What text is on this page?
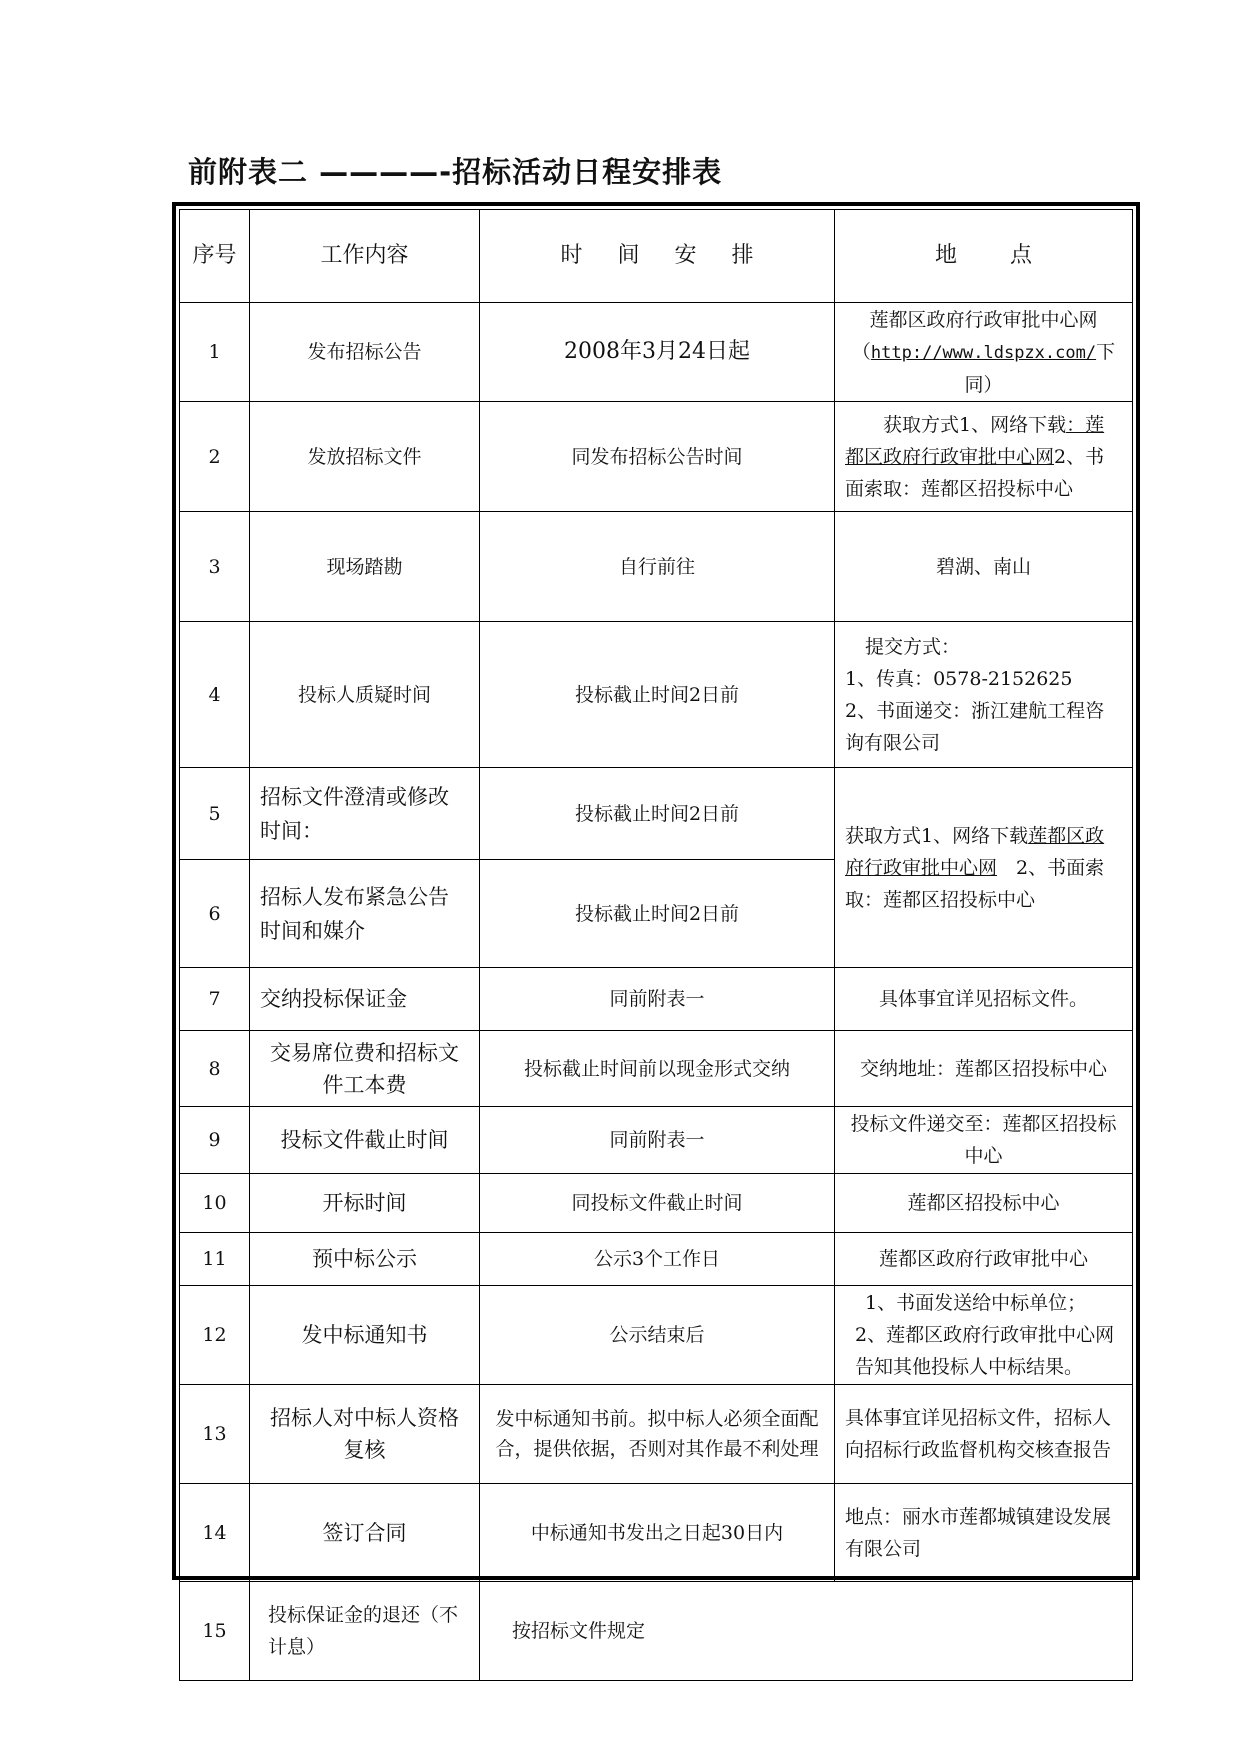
前附表二 ————-招标活动日程安排表
序号	工作内容	时 间 安 排	地 点
1	发布招标公告	2008年3月24日起	莲都区政府行政审批中心网
（http://www.ldspzx.com/下同）
2	发放招标文件	同发布招标公告时间	获取方式1、网络下载：莲都区政府行政审批中心网2、书面索取：莲都区招投标中心
3	现场踏勘	自行前往	碧湖、南山
4	投标人质疑时间	投标截止时间2日前	提交方式：
1、传真：0578-2152625
2、书面递交：浙江建航工程咨询有限公司

5	招标文件澄清或修改时间：	投标截止时间2日前	获取方式1、网络下载莲都区政府行政审批中心网　2、书面索取：莲都区招投标中心
6	招标人发布紧急公告时间和媒介	投标截止时间2日前	
7	交纳投标保证金	同前附表一	具体事宜详见招标文件。
8	交易席位费和招标文件工本费	投标截止时间前以现金形式交纳	交纳地址：莲都区招投标中心
9	投标文件截止时间	同前附表一	投标文件递交至：莲都区招投标中心
10	开标时间	同投标文件截止时间	莲都区招投标中心
11	预中标公示	公示3个工作日	莲都区政府行政审批中心
12	发中标通知书	公示结束后	1、书面发送给中标单位；
2、莲都区政府行政审批中心网告知其他投标人中标结果。

13	招标人对中标人资格复核	发中标通知书前。拟中标人必须全面配合，提供依据，否则对其作最不利处理	具体事宜详见招标文件，招标人向招标行政监督机构交核查报告
14	签订合同	中标通知书发出之日起30日内	地点：丽水市莲都城镇建设发展有限公司
15	投标保证金的退还（不计息）	按招标文件规定	
